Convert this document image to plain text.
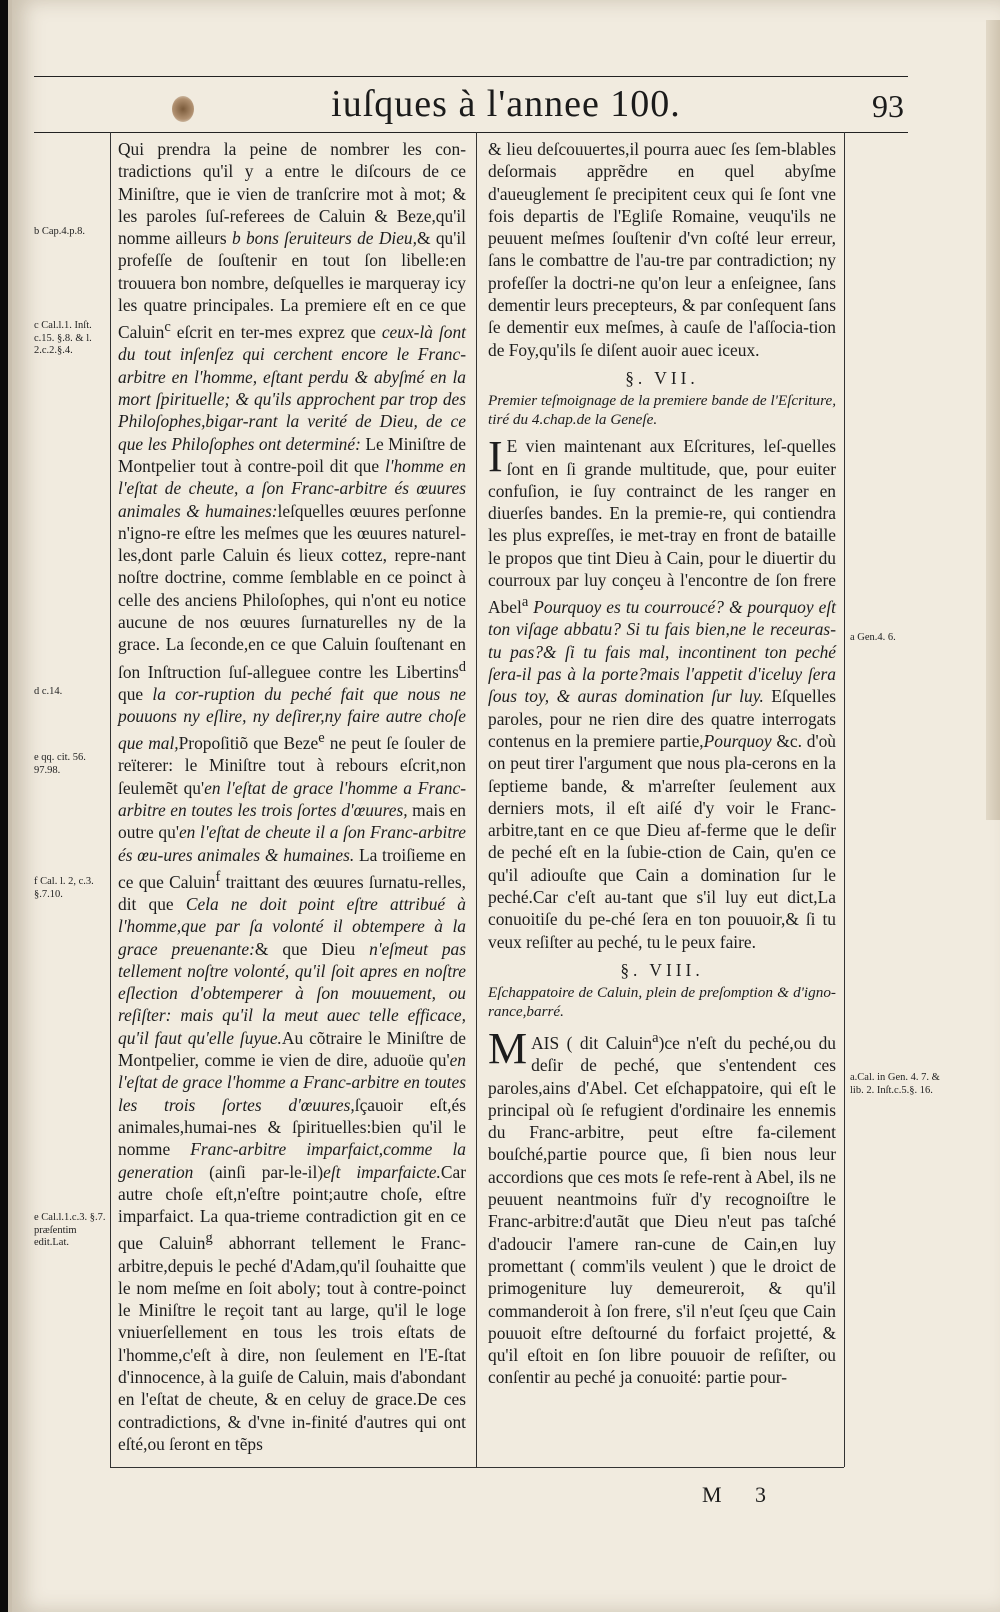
iuſques à l'annee 100.	93
b Cap.4.p.8.
c Cal.l.1. Inſt. c.15. §.8. & l. 2.c.2.§.4.
d c.14.
e qq. cit. 56. 97.98.
f Cal. l. 2, c.3. §.7.10.
e Cal.l.1.c.3. §.7. præſentim edit.Lat.
a Gen.4. 6.
a.Cal. in Gen. 4. 7. & lib. 2. Inſt.c.5.§. 16.

Qui prendra la peine de nombrer les con-tradictions qu'il y a entre le diſcours de ce Miniſtre, que ie vien de tranſcrire mot à mot; & les paroles ſuſ-referees de Caluin & Beze,qu'il nomme ailleurs b bons ſeruiteurs de Dieu,& qu'il profeſſe de ſouſtenir en tout ſon libelle:en trouuera bon nombre, deſquelles ie marqueray icy les quatre principales. La premiere eſt en ce que Caluin$^c$ eſcrit en ter-mes exprez que ceux-là ſont du tout inſenſez qui cerchent encore le Franc-arbitre en l'homme, eſtant perdu & abyſmé en la mort ſpirituelle; & qu'ils approchent par trop des Philoſophes,bigar-rant la verité de Dieu, de ce que les Philoſophes ont determiné: Le Miniſtre de Montpelier tout à contre-poil dit que l'homme en l'eſtat de cheute, a ſon Franc-arbitre és œuures animales & humaines:leſquelles œuures perſonne n'igno-re eſtre les meſmes que les œuures naturel-les,dont parle Caluin és lieux cottez, repre-nant noſtre doctrine, comme ſemblable en ce poinct à celle des anciens Philoſophes, qui n'ont eu notice aucune de nos œuures ſurnaturelles ny de la grace. La ſeconde,en ce que Caluin ſouſtenant en ſon Inſtruction ſuſ-alleguee contre les Libertins$^d$ que la cor-ruption du peché fait que nous ne pouuons ny eſlire, ny deſirer,ny faire autre choſe que mal,Propoſitiõ que Beze$^e$ ne peut ſe ſouler de reïterer: le Miniſtre tout à rebours eſcrit,non ſeulemẽt qu'en l'eſtat de grace l'homme a Franc-arbitre en toutes les trois ſortes d'œuures, mais en outre qu'en l'eſtat de cheute il a ſon Franc-arbitre és œu-ures animales & humaines. La troiſieme en ce que Caluin$^f$ traittant des œuures ſurnatu-relles, dit que Cela ne doit point eſtre attribué à l'homme,que par ſa volonté il obtempere à la grace preuenante:& que Dieu n'eſmeut pas tellement noſtre volonté, qu'il ſoit apres en noſtre eſlection d'obtemperer à ſon mouuement, ou reſiſter: mais qu'il la meut auec telle efficace, qu'il faut qu'elle ſuyue.Au cõtraire le Miniſtre de Montpelier, comme ie vien de dire, aduoüe qu'en l'eſtat de grace l'homme a Franc-arbitre en toutes les trois ſortes d'œuures,ſçauoir eſt,és animales,humai-nes & ſpirituelles:bien qu'il le nomme Franc-arbitre imparfaict,comme la generation (ainſi par-le-il)eſt imparfaicte.Car autre choſe eſt,n'eſtre point;autre choſe, eſtre imparfaict. La qua-trieme contradiction git en ce que Caluin$^g$ abhorrant tellement le Franc-arbitre,depuis le peché d'Adam,qu'il ſouhaitte que le nom meſme en ſoit aboly; tout à contre-poinct le Miniſtre le reçoit tant au large, qu'il le loge vniuerſellement en tous les trois eſtats de l'homme,c'eſt à dire, non ſeulement en l'E-ſtat d'innocence, à la guiſe de Caluin, mais d'abondant en l'eſtat de cheute, & en celuy de grace.De ces contradictions, & d'vne in-finité d'autres qui ont eſté,ou ſeront en tẽps

& lieu deſcouuertes,il pourra auec ſes ſem-blables deſormais apprẽdre en quel abyſme d'aueuglement ſe precipitent ceux qui ſe ſont vne fois departis de l'Egliſe Romaine, veuqu'ils ne peuuent meſmes ſouſtenir d'vn coſté leur erreur, ſans le combattre de l'au-tre par contradiction; ny profeſſer la doctri-ne qu'on leur a enſeignee, ſans dementir leurs precepteurs, & par conſequent ſans ſe dementir eux meſmes, à cauſe de l'aſſocia-tion de Foy,qu'ils ſe diſent auoir auec iceux.

§. VII.
Premier teſmoignage de la premiere bande de l'Eſcriture, tiré du 4.chap.de la Geneſe.

I E vien maintenant aux Eſcritures, leſ-quelles ſont en ſi grande multitude, que, pour euiter confuſion, ie ſuy contrainct de les ranger en diuerſes bandes. En la premie-re, qui contiendra les plus expreſſes, ie met-tray en front de bataille le propos que tint Dieu à Cain, pour le diuertir du courroux par luy conçeu à l'encontre de ſon frere Abel$^a$ Pourquoy es tu courroucé? & pourquoy eſt ton viſage abbatu? Si tu fais bien,ne le receuras-tu pas?& ſi tu fais mal, incontinent ton peché ſera-il pas à la porte?mais l'appetit d'iceluy ſera ſous toy, & auras domination ſur luy. Eſquelles paroles, pour ne rien dire des quatre interrogats contenus en la premiere partie,Pourquoy &c. d'où on peut tirer l'argument que nous pla-cerons en la ſeptieme bande, & m'arreſter ſeulement aux derniers mots, il eſt aiſé d'y voir le Franc-arbitre,tant en ce que Dieu af-ferme que le deſir de peché eſt en la ſubie-ction de Cain, qu'en ce qu'il adiouſte que Cain a domination ſur le peché.Car c'eſt au-tant que s'il luy eut dict,La conuoitiſe du pe-ché ſera en ton pouuoir,& ſi tu veux reſiſter au peché, tu le peux faire.

§. VIII.
Eſchappatoire de Caluin, plein de preſomption & d'igno-rance,barré.

MAIS ( dit Caluin$^a$)ce n'eſt du peché,ou du deſir de peché, que s'entendent ces paroles,ains d'Abel. Cet eſchappatoire, qui eſt le principal où ſe refugient d'ordinaire les ennemis du Franc-arbitre, peut eſtre fa-cilement bouſché,partie pource que, ſi bien nous leur accordions que ces mots ſe refe-rent à Abel, ils ne peuuent neantmoins fuïr d'y recognoiſtre le Franc-arbitre:d'autãt que Dieu n'eut pas taſché d'adoucir l'amere ran-cune de Cain,en luy promettant ( comm'ils veulent ) que le droict de primogeniture luy demeureroit, & qu'il commanderoit à ſon frere, s'il n'eut ſçeu que Cain pouuoit eſtre deſtourné du forfaict projetté, & qu'il eſtoit en ſon libre pouuoir de reſiſter, ou conſentir au peché ja conuoité: partie pour-

M 3
